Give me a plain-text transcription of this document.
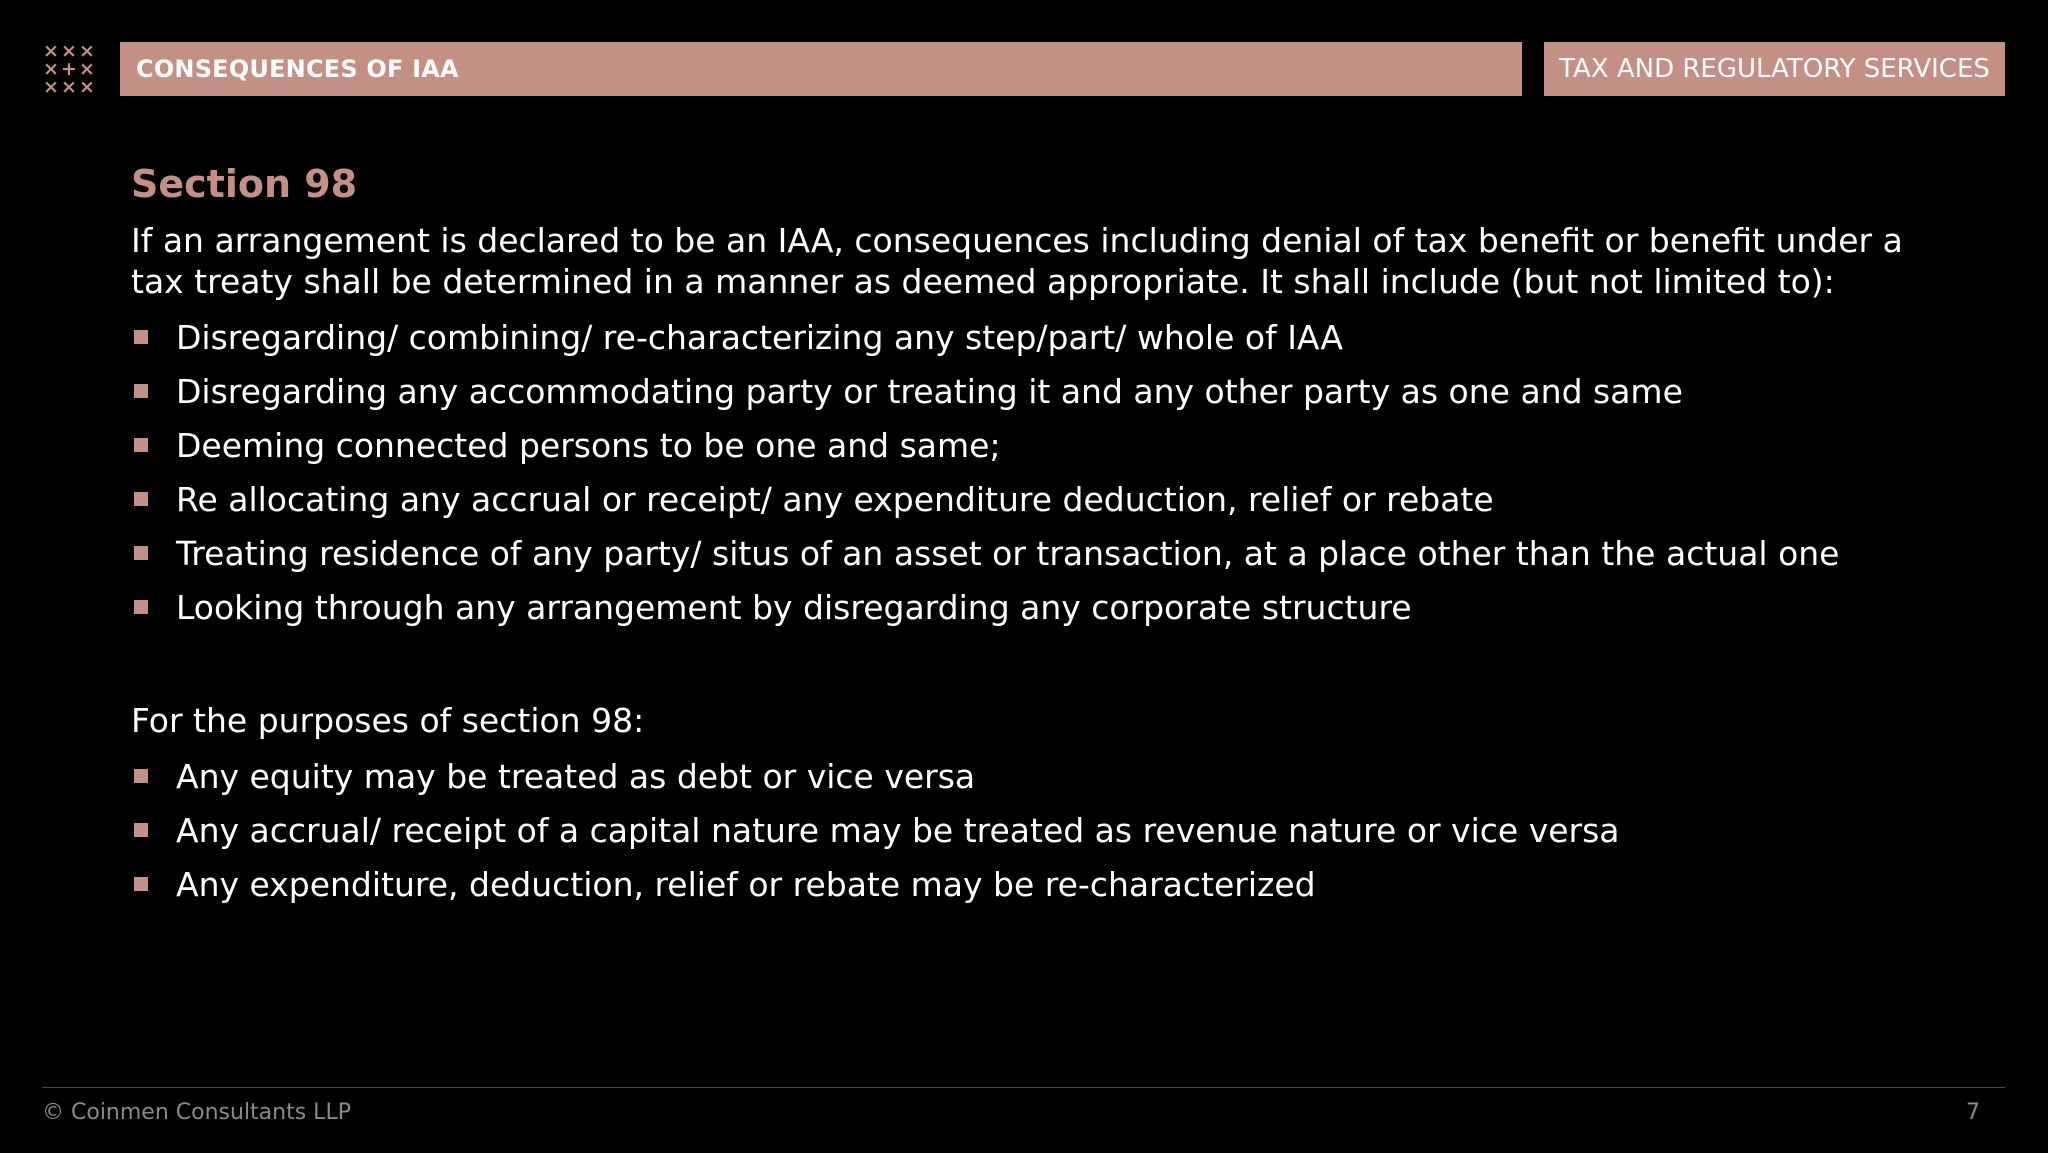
× × ×
× + ×
× × ×
CONSEQUENCES OF IAA	TAX AND REGULATORY SERVICES
Section 98

If an arrangement is declared to be an IAA, consequences including denial of tax benefit or benefit under a tax treaty shall be determined in a manner as deemed appropriate. It shall include (but not limited to):

Disregarding/ combining/ re-characterizing any step/part/ whole of IAA
Disregarding any accommodating party or treating it and any other party as one and same
Deeming connected persons to be one and same;
Re allocating any accrual or receipt/ any expenditure deduction, relief or rebate
Treating residence of any party/ situs of an asset or transaction, at a place other than the actual one
Looking through any arrangement by disregarding any corporate structure

For the purposes of section 98:

Any equity may be treated as debt or vice versa
Any accrual/ receipt of a capital nature may be treated as revenue nature or vice versa
Any expenditure, deduction, relief or rebate may be re-characterized
© Coinmen Consultants LLP	7
